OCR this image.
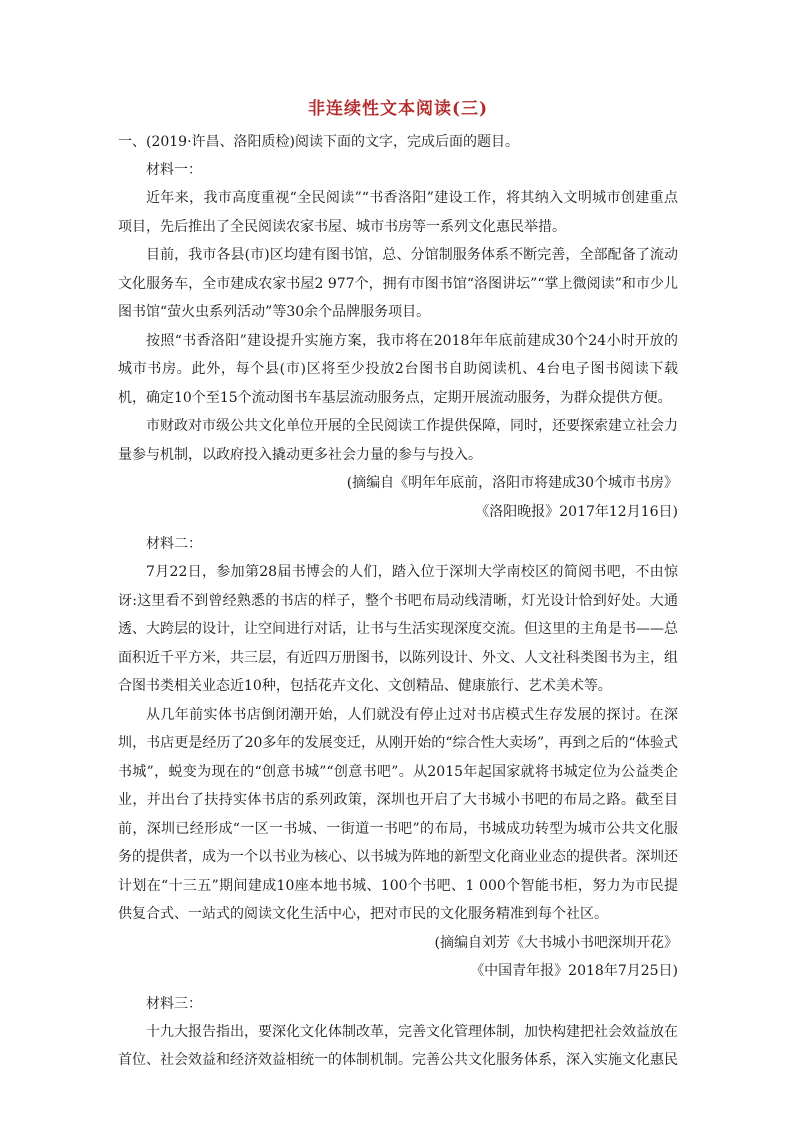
非连续性文本阅读(三)

一、(2019·许昌、洛阳质检)阅读下面的文字，完成后面的题目。

材料一：

近年来，我市高度重视“全民阅读”“书香洛阳”建设工作，将其纳入文明城市创建重点项目，先后推出了全民阅读农家书屋、城市书房等一系列文化惠民举措。

目前，我市各县(市)区均建有图书馆，总、分馆制服务体系不断完善，全部配备了流动文化服务车，全市建成农家书屋2 977个，拥有市图书馆“洛图讲坛”“掌上微阅读”和市少儿图书馆“萤火虫系列活动”等30余个品牌服务项目。

按照“书香洛阳”建设提升实施方案，我市将在2018年年底前建成30个24小时开放的城市书房。此外，每个县(市)区将至少投放2台图书自助阅读机、4台电子图书阅读下载机，确定10个至15个流动图书车基层流动服务点，定期开展流动服务，为群众提供方便。

市财政对市级公共文化单位开展的全民阅读工作提供保障，同时，还要探索建立社会力量参与机制，以政府投入撬动更多社会力量的参与与投入。

(摘编自《明年年底前，洛阳市将建成30个城市书房》

《洛阳晚报》2017年12月16日)

材料二：

7月22日，参加第28届书博会的人们，踏入位于深圳大学南校区的简阅书吧，不由惊讶:这里看不到曾经熟悉的书店的样子，整个书吧布局动线清晰，灯光设计恰到好处。大通透、大跨层的设计，让空间进行对话，让书与生活实现深度交流。但这里的主角是书——总面积近千平方米，共三层，有近四万册图书，以陈列设计、外文、人文社科类图书为主，组合图书类相关业态近10种，包括花卉文化、文创精品、健康旅行、艺术美术等。

从几年前实体书店倒闭潮开始，人们就没有停止过对书店模式生存发展的探讨。在深圳，书店更是经历了20多年的发展变迁，从刚开始的“综合性大卖场”，再到之后的“体验式书城”，蜕变为现在的“创意书城”“创意书吧”。从2015年起国家就将书城定位为公益类企业，并出台了扶持实体书店的系列政策，深圳也开启了大书城小书吧的布局之路。截至目前，深圳已经形成“一区一书城、一街道一书吧”的布局，书城成功转型为城市公共文化服务的提供者，成为一个以书业为核心、以书城为阵地的新型文化商业业态的提供者。深圳还计划在“十三五”期间建成10座本地书城、100个书吧、1 000个智能书柜，努力为市民提供复合式、一站式的阅读文化生活中心，把对市民的文化服务精准到每个社区。

(摘编自刘芳《大书城小书吧深圳开花》

《中国青年报》2018年7月25日)

材料三：

十九大报告指出，要深化文化体制改革，完善文化管理体制，加快构建把社会效益放在首位、社会效益和经济效益相统一的体制机制。完善公共文化服务体系，深入实施文化惠民
